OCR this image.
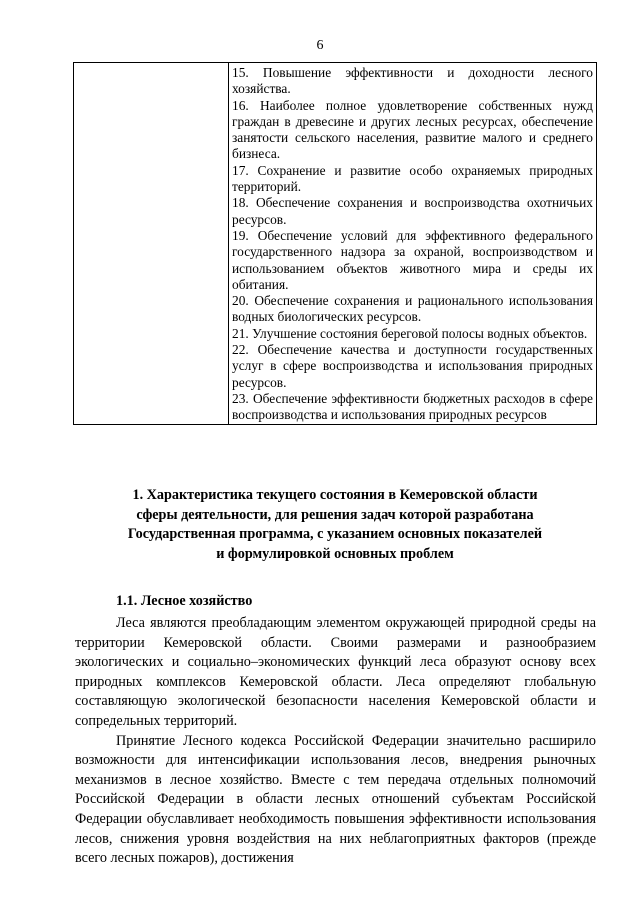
6

15. Повышение эффективности и доходности лесного хозяйства.
16. Наиболее полное удовлетворение собственных нужд граждан в древесине и других лесных ресурсах, обеспечение занятости сельского населения, развитие малого и среднего бизнеса.
17. Сохранение и развитие особо охраняемых природных территорий.
18. Обеспечение сохранения и воспроизводства охотничьих ресурсов.
19. Обеспечение условий для эффективного федерального государственного надзора за охраной, воспроизводством и использованием объектов животного мира и среды их обитания.
20. Обеспечение сохранения и рационального использования водных биологических ресурсов.
21. Улучшение состояния береговой полосы водных объектов.
22. Обеспечение качества и доступности государственных услуг в сфере воспроизводства и использования природных ресурсов.
23. Обеспечение эффективности бюджетных расходов в сфере воспроизводства и использования природных ресурсов
1. Характеристика текущего состояния в Кемеровской области
сферы деятельности, для решения задач которой разработана
Государственная программа, с указанием основных показателей
и формулировкой основных проблем
1.1. Лесное хозяйство

Леса являются преобладающим элементом окружающей природной среды на территории Кемеровской области. Своими размерами и разнообразием экологических и социально–экономических функций леса образуют основу всех природных комплексов Кемеровской области. Леса определяют глобальную составляющую экологической безопасности населения Кемеровской области и сопредельных территорий.

Принятие Лесного кодекса Российской Федерации значительно расширило возможности для интенсификации использования лесов, внедрения рыночных механизмов в лесное хозяйство. Вместе с тем передача отдельных полномочий Российской Федерации в области лесных отношений субъектам Российской Федерации обуславливает необходимость повышения эффективности использования лесов, снижения уровня воздействия на них неблагоприятных факторов (прежде всего лесных пожаров), достижения
